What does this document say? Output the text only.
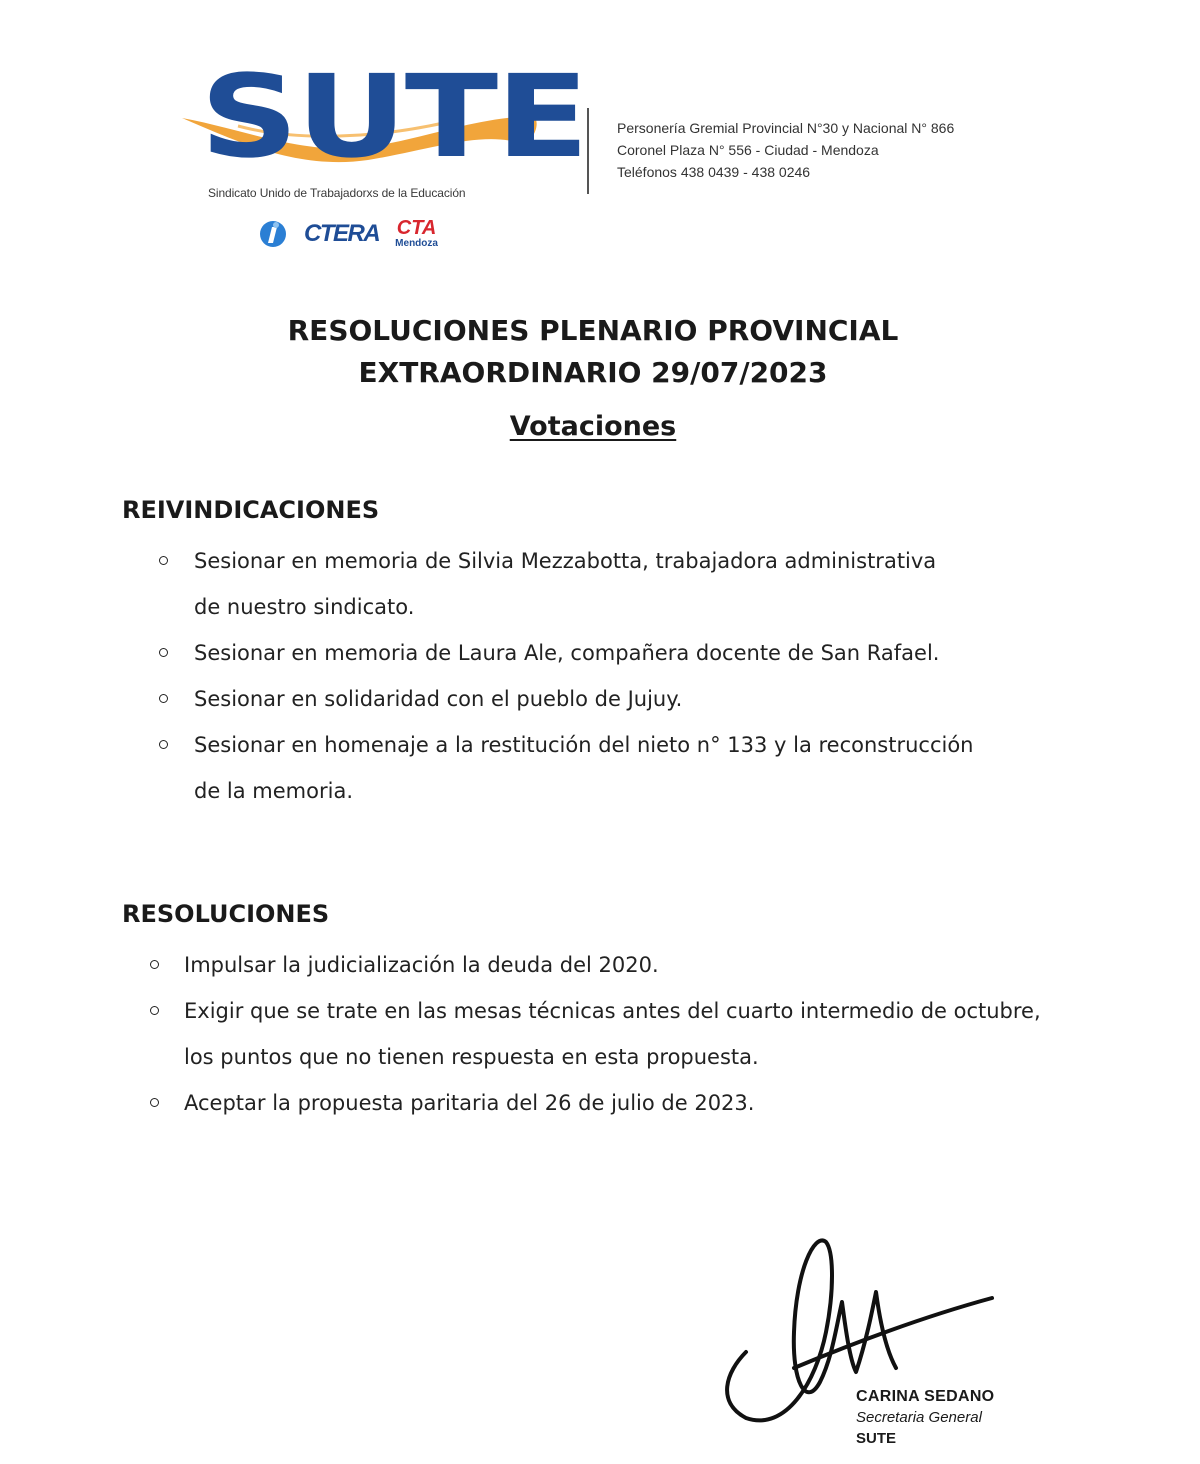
SUTE
Sindicato Unido de Trabajadorxs de la Educación
CTERA CTA
Mendoza
Personería Gremial Provincial N°30 y Nacional N° 866
Coronel Plaza N° 556 - Ciudad - Mendoza
Teléfonos 438 0439 - 438 0246
RESOLUCIONES PLENARIO PROVINCIAL
EXTRAORDINARIO 29/07/2023
Votaciones
REIVINDICACIONES
Sesionar en memoria de Silvia Mezzabotta, trabajadora administrativa
de nuestro sindicato.
Sesionar en memoria de Laura Ale, compañera docente de San Rafael.
Sesionar en solidaridad con el pueblo de Jujuy.
Sesionar en homenaje a la restitución del nieto n° 133 y la reconstrucción
de la memoria.
RESOLUCIONES
Impulsar la judicialización la deuda del 2020.
Exigir que se trate en las mesas técnicas antes del cuarto intermedio de octubre,
los puntos que no tienen respuesta en esta propuesta.
Aceptar la propuesta paritaria del 26 de julio de 2023.
CARINA SEDANO
Secretaria General
SUTE
